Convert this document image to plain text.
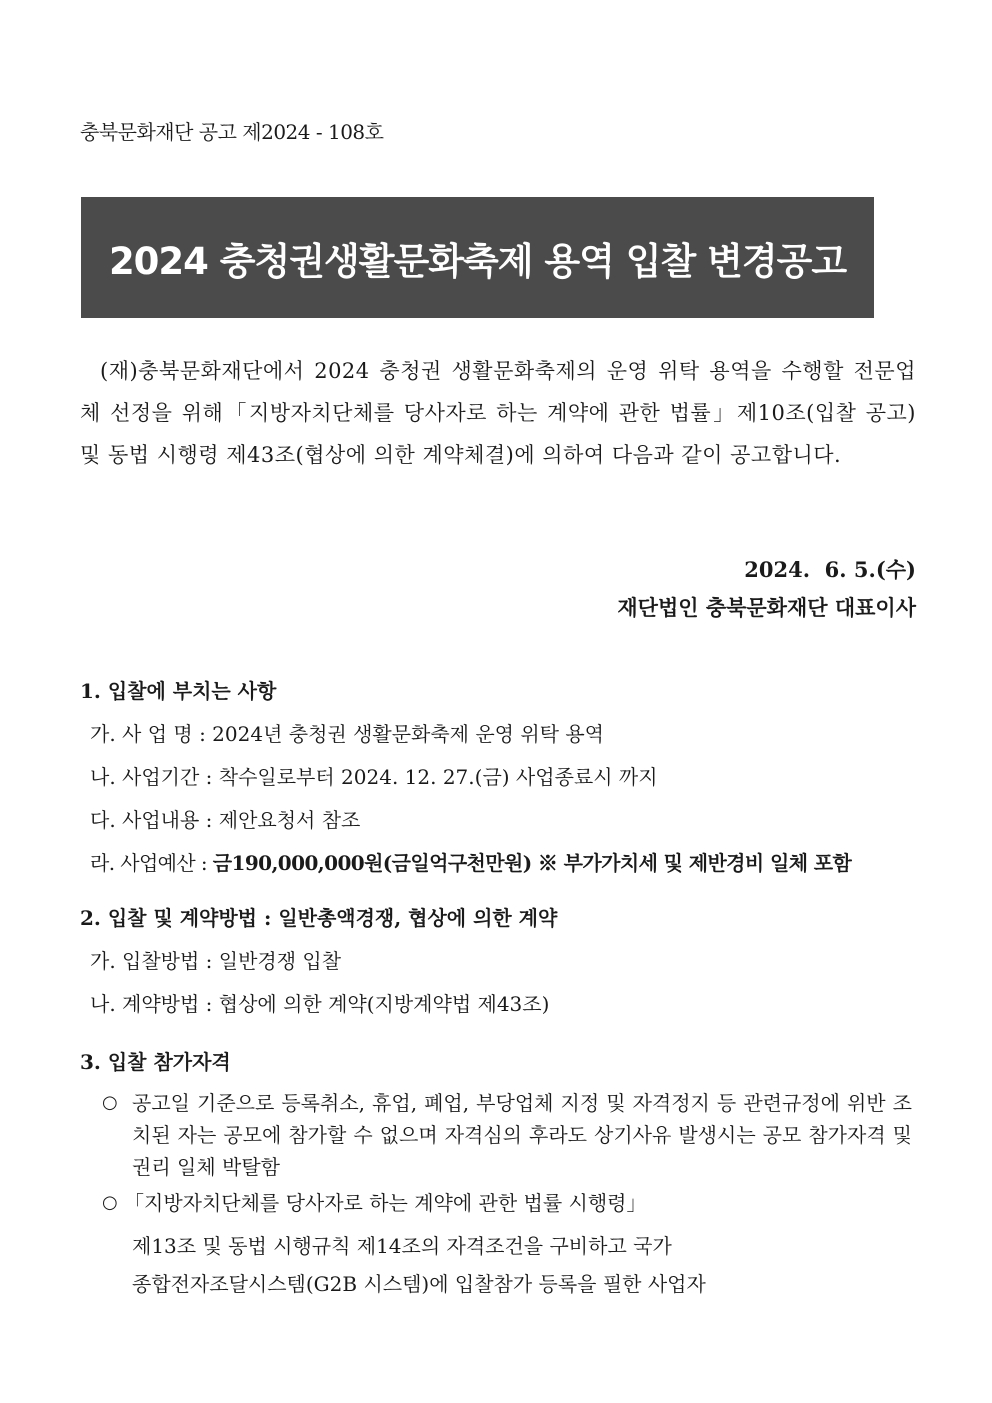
충북문화재단 공고 제2024 - 108호
2024 충청권생활문화축제 용역 입찰 변경공고

(재)충북문화재단에서 2024 충청권 생활문화축제의 운영 위탁 용역을 수행할 전문업체 선정을 위해「지방자치단체를 당사자로 하는 계약에 관한 법률」제10조(입찰 공고) 및 동법 시행령 제43조(협상에 의한 계약체결)에 의하여 다음과 같이 공고합니다.

2024.  6. 5.(수)
재단법인 충북문화재단 대표이사

1. 입찰에 부치는 사항

가. 사 업 명 : 2024년 충청권 생활문화축제 운영 위탁 용역

나. 사업기간 : 착수일로부터 2024. 12. 27.(금) 사업종료시 까지

다. 사업내용 : 제안요청서 참조

라. 사업예산 : 금190,000,000원(금일억구천만원) ※ 부가가치세 및 제반경비 일체 포함

2. 입찰 및 계약방법 : 일반총액경쟁, 협상에 의한 계약

가. 입찰방법 : 일반경쟁 입찰

나. 계약방법 : 협상에 의한 계약(지방계약법 제43조)

3. 입찰 참가자격

○ 공고일 기준으로 등록취소, 휴업, 폐업, 부당업체 지정 및 자격정지 등 관련규정에 위반 조치된 자는 공모에 참가할 수 없으며 자격심의 후라도 상기사유 발생시는 공모 참가자격 및 권리 일체 박탈함
○ 「지방자치단체를 당사자로 하는 계약에 관한 법률 시행령」
제13조 및 동법 시행규칙 제14조의 자격조건을 구비하고 국가
종합전자조달시스템(G2B 시스템)에 입찰참가 등록을 필한 사업자
